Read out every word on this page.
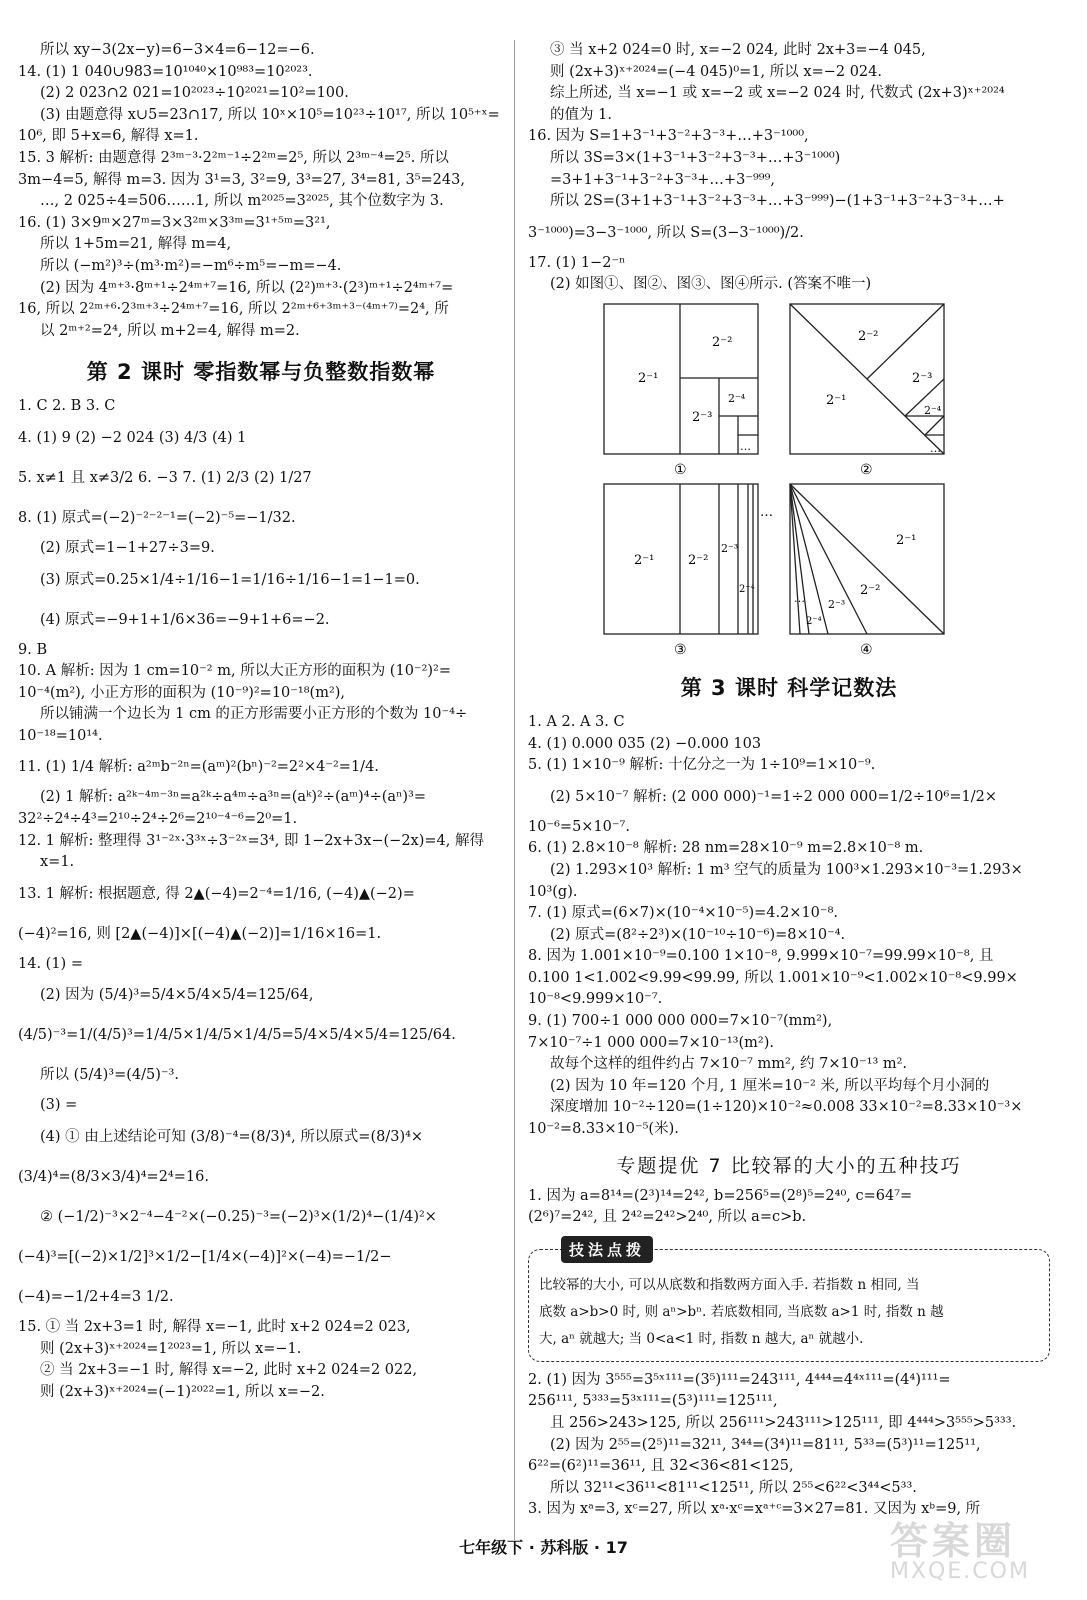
所以 xy−3(2x−y)=6−3×4=6−12=−6.
14. (1) 1 040∪983=10¹⁰⁴⁰×10⁹⁸³=10²⁰²³.
(2) 2 023∩2 021=10²⁰²³÷10²⁰²¹=10²=100.
(3) 由题意得 x∪5=23∩17, 所以 10ˣ×10⁵=10²³÷10¹⁷, 所以 10⁵⁺ˣ=
10⁶, 即 5+x=6, 解得 x=1.
15. 3 解析: 由题意得 2³ᵐ⁻³·2²ᵐ⁻¹÷2²ᵐ=2⁵, 所以 2³ᵐ⁻⁴=2⁵. 所以
3m−4=5, 解得 m=3. 因为 3¹=3, 3²=9, 3³=27, 3⁴=81, 3⁵=243,
…, 2 025÷4=506……1, 所以 m²⁰²⁵=3²⁰²⁵, 其个位数字为 3.
16. (1) 3×9ᵐ×27ᵐ=3×3²ᵐ×3³ᵐ=3¹⁺⁵ᵐ=3²¹,
所以 1+5m=21, 解得 m=4,
所以 (−m²)³÷(m³·m²)=−m⁶÷m⁵=−m=−4.
(2) 因为 4ᵐ⁺³·8ᵐ⁺¹÷2⁴ᵐ⁺⁷=16, 所以 (2²)ᵐ⁺³·(2³)ᵐ⁺¹÷2⁴ᵐ⁺⁷=
16, 所以 2²ᵐ⁺⁶·2³ᵐ⁺³÷2⁴ᵐ⁺⁷=16, 所以 2²ᵐ⁺⁶⁺³ᵐ⁺³⁻⁽⁴ᵐ⁺⁷⁾=2⁴, 所
以 2ᵐ⁺²=2⁴, 所以 m+2=4, 解得 m=2.
第 2 课时 零指数幂与负整数指数幂
1. C 2. B 3. C
4. (1) 9 (2) −2 024 (3) 4/3 (4) 1
5. x≠1 且 x≠3/2 6. −3 7. (1) 2/3 (2) 1/27
8. (1) 原式=(−2)⁻²⁻²⁻¹=(−2)⁻⁵=−1/32.
(2) 原式=1−1+27÷3=9.
(3) 原式=0.25×1/4÷1/16−1=1/16÷1/16−1=1−1=0.
(4) 原式=−9+1+1/6×36=−9+1+6=−2.
9. B
10. A 解析: 因为 1 cm=10⁻² m, 所以大正方形的面积为 (10⁻²)²=
10⁻⁴(m²), 小正方形的面积为 (10⁻⁹)²=10⁻¹⁸(m²),
所以铺满一个边长为 1 cm 的正方形需要小正方形的个数为 10⁻⁴÷
10⁻¹⁸=10¹⁴.
11. (1) 1/4 解析: a²ᵐb⁻²ⁿ=(aᵐ)²(bⁿ)⁻²=2²×4⁻²=1/4.
(2) 1 解析: a²ᵏ⁻⁴ᵐ⁻³ⁿ=a²ᵏ÷a⁴ᵐ÷a³ⁿ=(aᵏ)²÷(aᵐ)⁴÷(aⁿ)³=
32²÷2⁴÷4³=2¹⁰÷2⁴÷2⁶=2¹⁰⁻⁴⁻⁶=2⁰=1.
12. 1 解析: 整理得 3¹⁻²ˣ·3³ˣ÷3⁻²ˣ=3⁴, 即 1−2x+3x−(−2x)=4, 解得
x=1.
13. 1 解析: 根据题意, 得 2▲(−4)=2⁻⁴=1/16, (−4)▲(−2)=
(−4)²=16, 则 [2▲(−4)]×[(−4)▲(−2)]=1/16×16=1.
14. (1) =
(2) 因为 (5/4)³=5/4×5/4×5/4=125/64,
(4/5)⁻³=1/(4/5)³=1/4/5×1/4/5×1/4/5=5/4×5/4×5/4=125/64.
所以 (5/4)³=(4/5)⁻³.
(3) =
(4) ① 由上述结论可知 (3/8)⁻⁴=(8/3)⁴, 所以原式=(8/3)⁴×
(3/4)⁴=(8/3×3/4)⁴=2⁴=16.
② (−1/2)⁻³×2⁻⁴−4⁻²×(−0.25)⁻³=(−2)³×(1/2)⁴−(1/4)²×
(−4)³=[(−2)×1/2]³×1/2−[1/4×(−4)]²×(−4)=−1/2−
(−4)=−1/2+4=3 1/2.
15. ① 当 2x+3=1 时, 解得 x=−1, 此时 x+2 024=2 023,
则 (2x+3)ˣ⁺²⁰²⁴=1²⁰²³=1, 所以 x=−1.
② 当 2x+3=−1 时, 解得 x=−2, 此时 x+2 024=2 022,
则 (2x+3)ˣ⁺²⁰²⁴=(−1)²⁰²²=1, 所以 x=−2.
③ 当 x+2 024=0 时, x=−2 024, 此时 2x+3=−4 045,
则 (2x+3)ˣ⁺²⁰²⁴=(−4 045)⁰=1, 所以 x=−2 024.
综上所述, 当 x=−1 或 x=−2 或 x=−2 024 时, 代数式 (2x+3)ˣ⁺²⁰²⁴
的值为 1.
16. 因为 S=1+3⁻¹+3⁻²+3⁻³+…+3⁻¹⁰⁰⁰,
所以 3S=3×(1+3⁻¹+3⁻²+3⁻³+…+3⁻¹⁰⁰⁰)
=3+1+3⁻¹+3⁻²+3⁻³+…+3⁻⁹⁹⁹,
所以 2S=(3+1+3⁻¹+3⁻²+3⁻³+…+3⁻⁹⁹⁹)−(1+3⁻¹+3⁻²+3⁻³+…+
3⁻¹⁰⁰⁰)=3−3⁻¹⁰⁰⁰, 所以 S=(3−3⁻¹⁰⁰⁰)/2.
17. (1) 1−2⁻ⁿ
(2) 如图①、图②、图③、图④所示. (答案不唯一)
2⁻¹
2⁻²
2⁻³
2⁻⁴
…
①
2⁻¹
2⁻²
2⁻³
2⁻⁴
…
②
2⁻¹	2⁻²
2⁻³
2⁻⁴
…
③
2⁻¹
2⁻²
2⁻³
2⁻⁴
…
④
第 3 课时 科学记数法
1. A 2. A 3. C
4. (1) 0.000 035 (2) −0.000 103
5. (1) 1×10⁻⁹ 解析: 十亿分之一为 1÷10⁹=1×10⁻⁹.
(2) 5×10⁻⁷ 解析: (2 000 000)⁻¹=1÷2 000 000=1/2÷10⁶=1/2×
10⁻⁶=5×10⁻⁷.
6. (1) 2.8×10⁻⁸ 解析: 28 nm=28×10⁻⁹ m=2.8×10⁻⁸ m.
(2) 1.293×10³ 解析: 1 m³ 空气的质量为 100³×1.293×10⁻³=1.293×
10³(g).
7. (1) 原式=(6×7)×(10⁻⁴×10⁻⁵)=4.2×10⁻⁸.
(2) 原式=(8²÷2³)×(10⁻¹⁰÷10⁻⁶)=8×10⁻⁴.
8. 因为 1.001×10⁻⁹=0.100 1×10⁻⁸, 9.999×10⁻⁷=99.99×10⁻⁸, 且
0.100 1<1.002<9.99<99.99, 所以 1.001×10⁻⁹<1.002×10⁻⁸<9.99×
10⁻⁸<9.999×10⁻⁷.
9. (1) 700÷1 000 000 000=7×10⁻⁷(mm²),
7×10⁻⁷÷1 000 000=7×10⁻¹³(m²).
故每个这样的组件约占 7×10⁻⁷ mm², 约 7×10⁻¹³ m².
(2) 因为 10 年=120 个月, 1 厘米=10⁻² 米, 所以平均每个月小洞的
深度增加 10⁻²÷120=(1÷120)×10⁻²≈0.008 33×10⁻²=8.33×10⁻³×
10⁻²=8.33×10⁻⁵(米).
专题提优 7 比较幂的大小的五种技巧
1. 因为 a=8¹⁴=(2³)¹⁴=2⁴², b=256⁵=(2⁸)⁵=2⁴⁰, c=64⁷=
(2⁶)⁷=2⁴², 且 2⁴²=2⁴²>2⁴⁰, 所以 a=c>b.
技法点拨
比较幂的大小, 可以从底数和指数两方面入手. 若指数 n 相同, 当
底数 a>b>0 时, 则 aⁿ>bⁿ. 若底数相同, 当底数 a>1 时, 指数 n 越
大, aⁿ 就越大; 当 0<a<1 时, 指数 n 越大, aⁿ 就越小.
2. (1) 因为 3⁵⁵⁵=3⁵ˣ¹¹¹=(3⁵)¹¹¹=243¹¹¹, 4⁴⁴⁴=4⁴ˣ¹¹¹=(4⁴)¹¹¹=
256¹¹¹, 5³³³=5³ˣ¹¹¹=(5³)¹¹¹=125¹¹¹,
且 256>243>125, 所以 256¹¹¹>243¹¹¹>125¹¹¹, 即 4⁴⁴⁴>3⁵⁵⁵>5³³³.
(2) 因为 2⁵⁵=(2⁵)¹¹=32¹¹, 3⁴⁴=(3⁴)¹¹=81¹¹, 5³³=(5³)¹¹=125¹¹,
6²²=(6²)¹¹=36¹¹, 且 32<36<81<125,
所以 32¹¹<36¹¹<81¹¹<125¹¹, 所以 2⁵⁵<6²²<3⁴⁴<5³³.
3. 因为 xᵃ=3, xᶜ=27, 所以 xᵃ·xᶜ=xᵃ⁺ᶜ=3×27=81. 又因为 xᵇ=9, 所
七年级下 · 苏科版 · 17	答案圈
MXQE.COM
